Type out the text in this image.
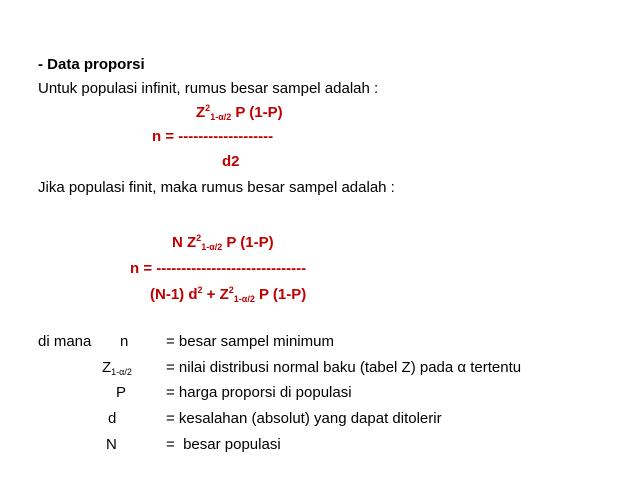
- Data proporsi
Untuk populasi infinit, rumus besar sampel adalah :
$Z^2_{1-\alpha/2}$ P (1-P)
n = -------------------
d2
Jika populasi finit, maka rumus besar sampel adalah :
N $Z^2_{1-\alpha/2}$ P (1-P)
n = ------------------------------
(N-1) $d^2 + Z^2_{1-\alpha/2}$ P (1-P)
di mana n	= besar sampel minimum
$Z_{1-\alpha/2}$ = nilai distribusi normal baku (tabel Z) pada α tertentu
P	= harga proporsi di populasi
d	= kesalahan (absolut) yang dapat ditolerir
N	=  besar populasi
